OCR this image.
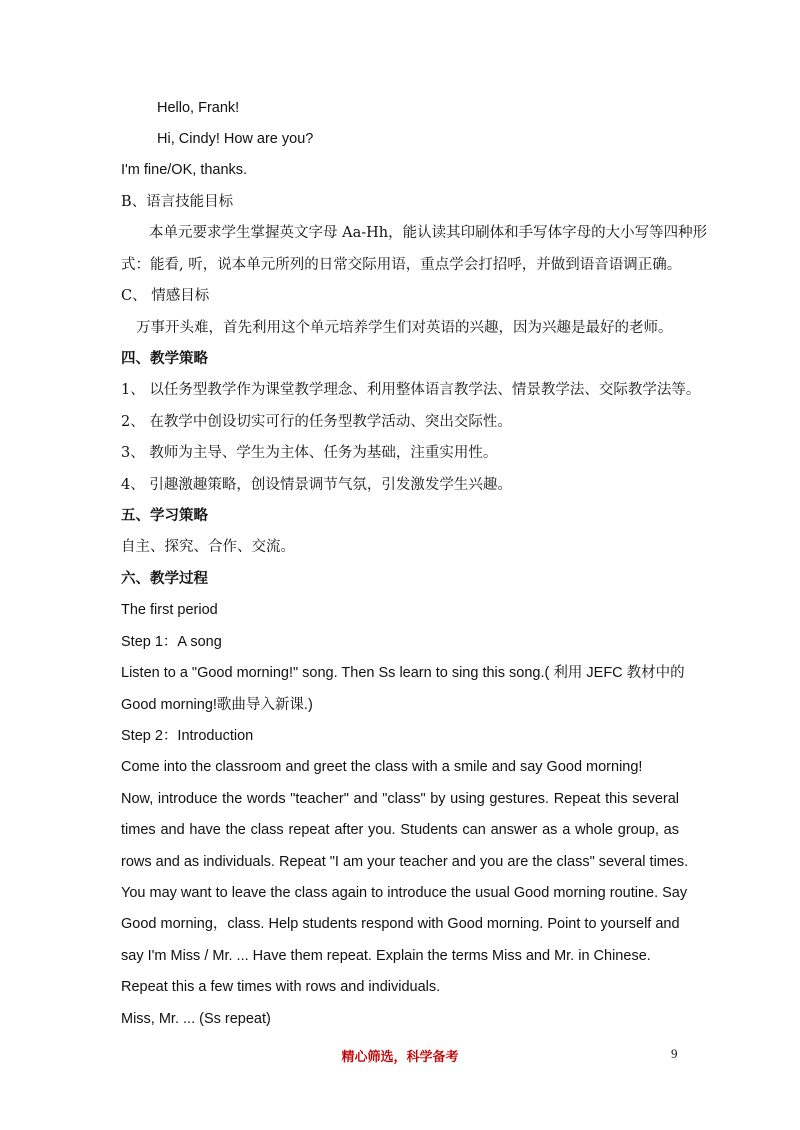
Hello, Frank!
Hi, Cindy! How are you?
I'm fine/OK, thanks.
B、语言技能目标
本单元要求学生掌握英文字母 Aa-Hh，能认读其印刷体和手写体字母的大小写等四种形
式：能看, 听，说本单元所列的日常交际用语，重点学会打招呼，并做到语音语调正确。
C、 情感目标
万事开头难，首先利用这个单元培养学生们对英语的兴趣，因为兴趣是最好的老师。
四、教学策略
1、 以任务型教学作为课堂教学理念、利用整体语言教学法、情景教学法、交际教学法等。
2、 在教学中创设切实可行的任务型教学活动、突出交际性。
3、 教师为主导、学生为主体、任务为基础，注重实用性。
4、 引趣激趣策略，创设情景调节气氛，引发激发学生兴趣。
五、学习策略
自主、探究、合作、交流。
六、教学过程
The first period
Step 1：A song
Listen to a "Good morning!" song. Then Ss learn to sing this song.( 利用 JEFC 教材中的
Good morning!歌曲导入新课.)
Step 2：Introduction
Come into the classroom and greet the class with a smile and say Good morning!
Now, introduce the words "teacher" and "class" by using gestures. Repeat this several
times and have the class repeat after you. Students can answer as a whole group, as
rows and as individuals. Repeat "I am your teacher and you are the class" several times.
You may want to leave the class again to introduce the usual Good morning routine. Say
Good morning，class. Help students respond with Good morning. Point to yourself and
say I'm Miss / Mr. ... Have them repeat. Explain the terms Miss and Mr. in Chinese.
Repeat this a few times with rows and individuals.
Miss, Mr. ... (Ss repeat)
精心筛选，科学备考	9
